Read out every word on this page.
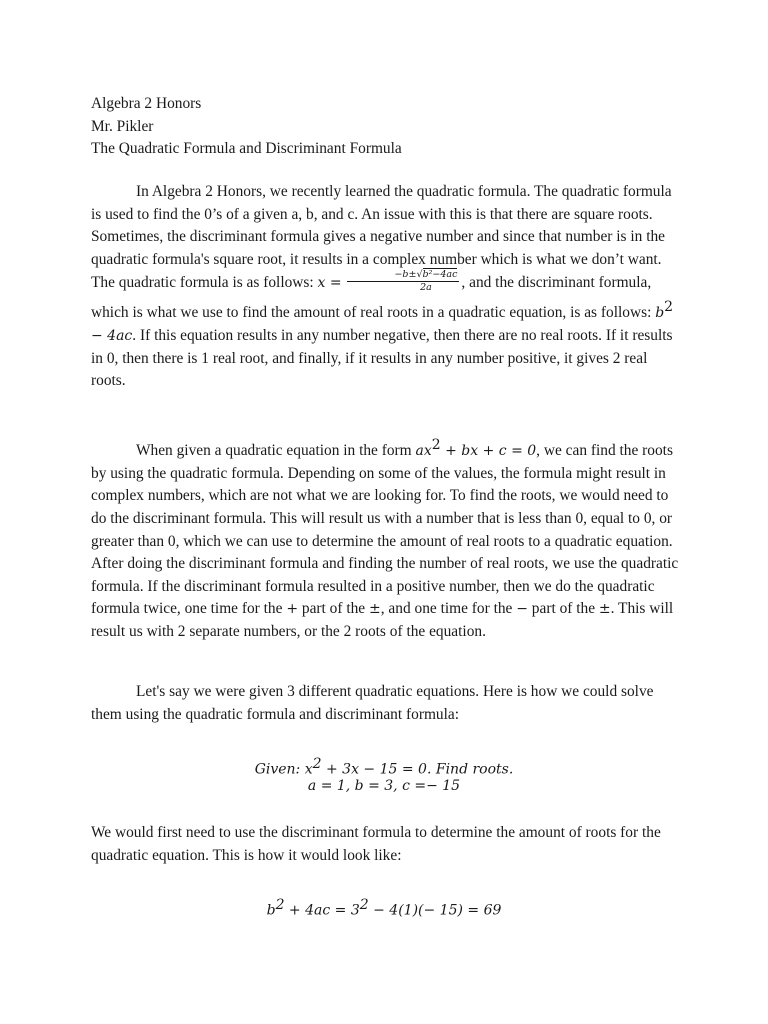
Algebra 2 Honors
Mr. Pikler
The Quadratic Formula and Discriminant Formula

In Algebra 2 Honors, we recently learned the quadratic formula. The quadratic formula is used to find the 0’s of a given a, b, and c. An issue with this is that there are square roots. Sometimes, the discriminant formula gives a negative number and since that number is in the quadratic formula's square root, it results in a complex number which is what we don’t want. The quadratic formula is as follows: $x = \frac{\text{−b±√b²−4ac}}{2a}$ , and the discriminant formula, which is what we use to find the amount of real roots in a quadratic equation, is as follows: $b^2 - 4ac$. If this equation results in any number negative, then there are no real roots. If it results in 0, then there is 1 real root, and finally, if it results in any number positive, it gives 2 real roots.

When given a quadratic equation in the form $ax^2$ + bx + c = 0, we can find the roots by using the quadratic formula. Depending on some of the values, the formula might result in complex numbers, which are not what we are looking for. To find the roots, we would need to do the discriminant formula. This will result us with a number that is less than 0, equal to 0, or greater than 0, which we can use to determine the amount of real roots to a quadratic equation. After doing the discriminant formula and finding the number of real roots, we use the quadratic formula. If the discriminant formula resulted in a positive number, then we do the quadratic formula twice, one time for the + part of the ±, and one time for the − part of the ±. This will result us with 2 separate numbers, or the 2 roots of the equation.

Let's say we were given 3 different quadratic equations. Here is how we could solve them using the quadratic formula and discriminant formula:

Given: $x^2 + 3x - 15 = 0$. Find roots.
a = 1, b = 3, c =− 15

We would first need to use the discriminant formula to determine the amount of roots for the quadratic equation. This is how it would look like:

$b^2 + 4ac = 3^2 - 4(1)(- 15) = 69$
